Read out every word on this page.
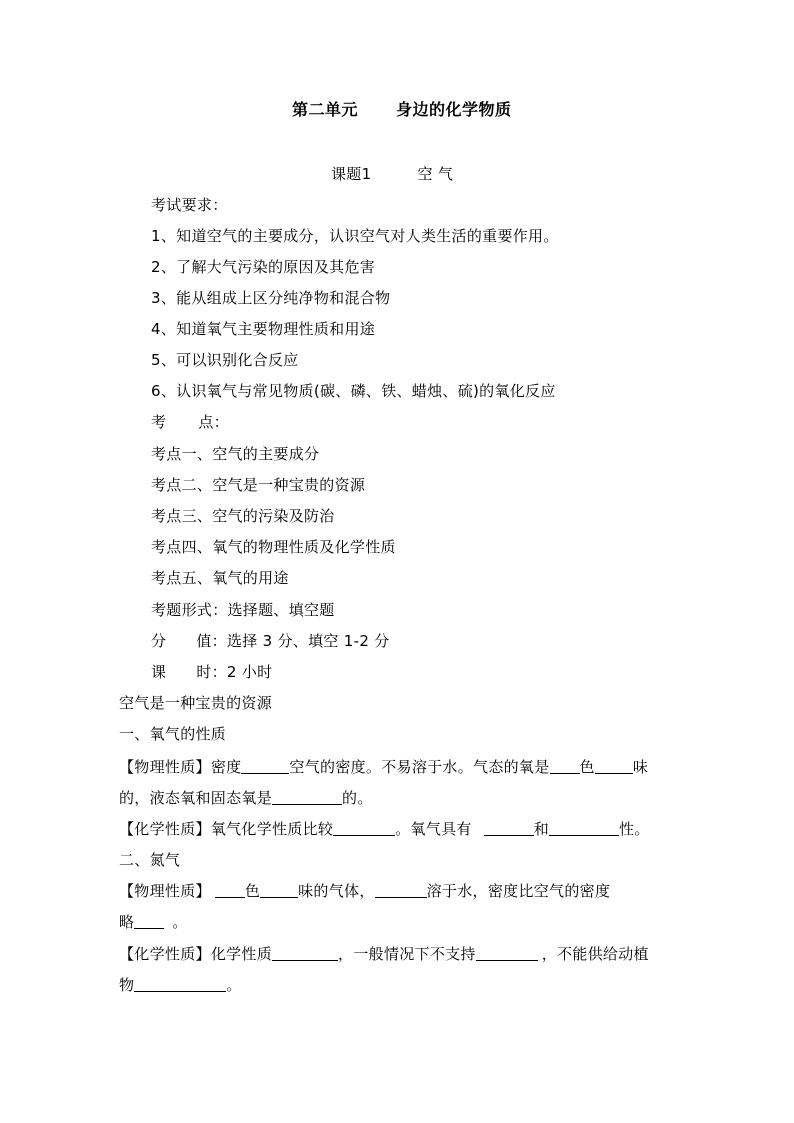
第二单元 身边的化学物质
课题1	空 气
考试要求：
1、知道空气的主要成分，认识空气对人类生活的重要作用。
2、了解大气污染的原因及其危害
3、能从组成上区分纯净物和混合物
4、知道氧气主要物理性质和用途
5、可以识别化合反应
6、认识氧气与常见物质(碳、磷、铁、蜡烛、硫)的氧化反应
考 点：
考点一、空气的主要成分
考点二、空气是一种宝贵的资源
考点三、空气的污染及防治
考点四、氧气的物理性质及化学性质
考点五、氧气的用途
考题形式：选择题、填空题
分 值：选择 3 分、填空 1-2 分
课 时：2 小时
空气是一种宝贵的资源
一、氧气的性质
【物理性质】密度	空气的密度。不易溶于水。气态的氧是 色	味
的，液态氧和固态氧是	的。
【化学性质】氧气化学性质比较	。氧气具有	和	性。
二、氮气
【物理性质】 色	味的气体，	溶于水，密度比空气的密度
略	。
【化学性质】化学性质	，一般情况下不支持	，不能供给动植
物	。
